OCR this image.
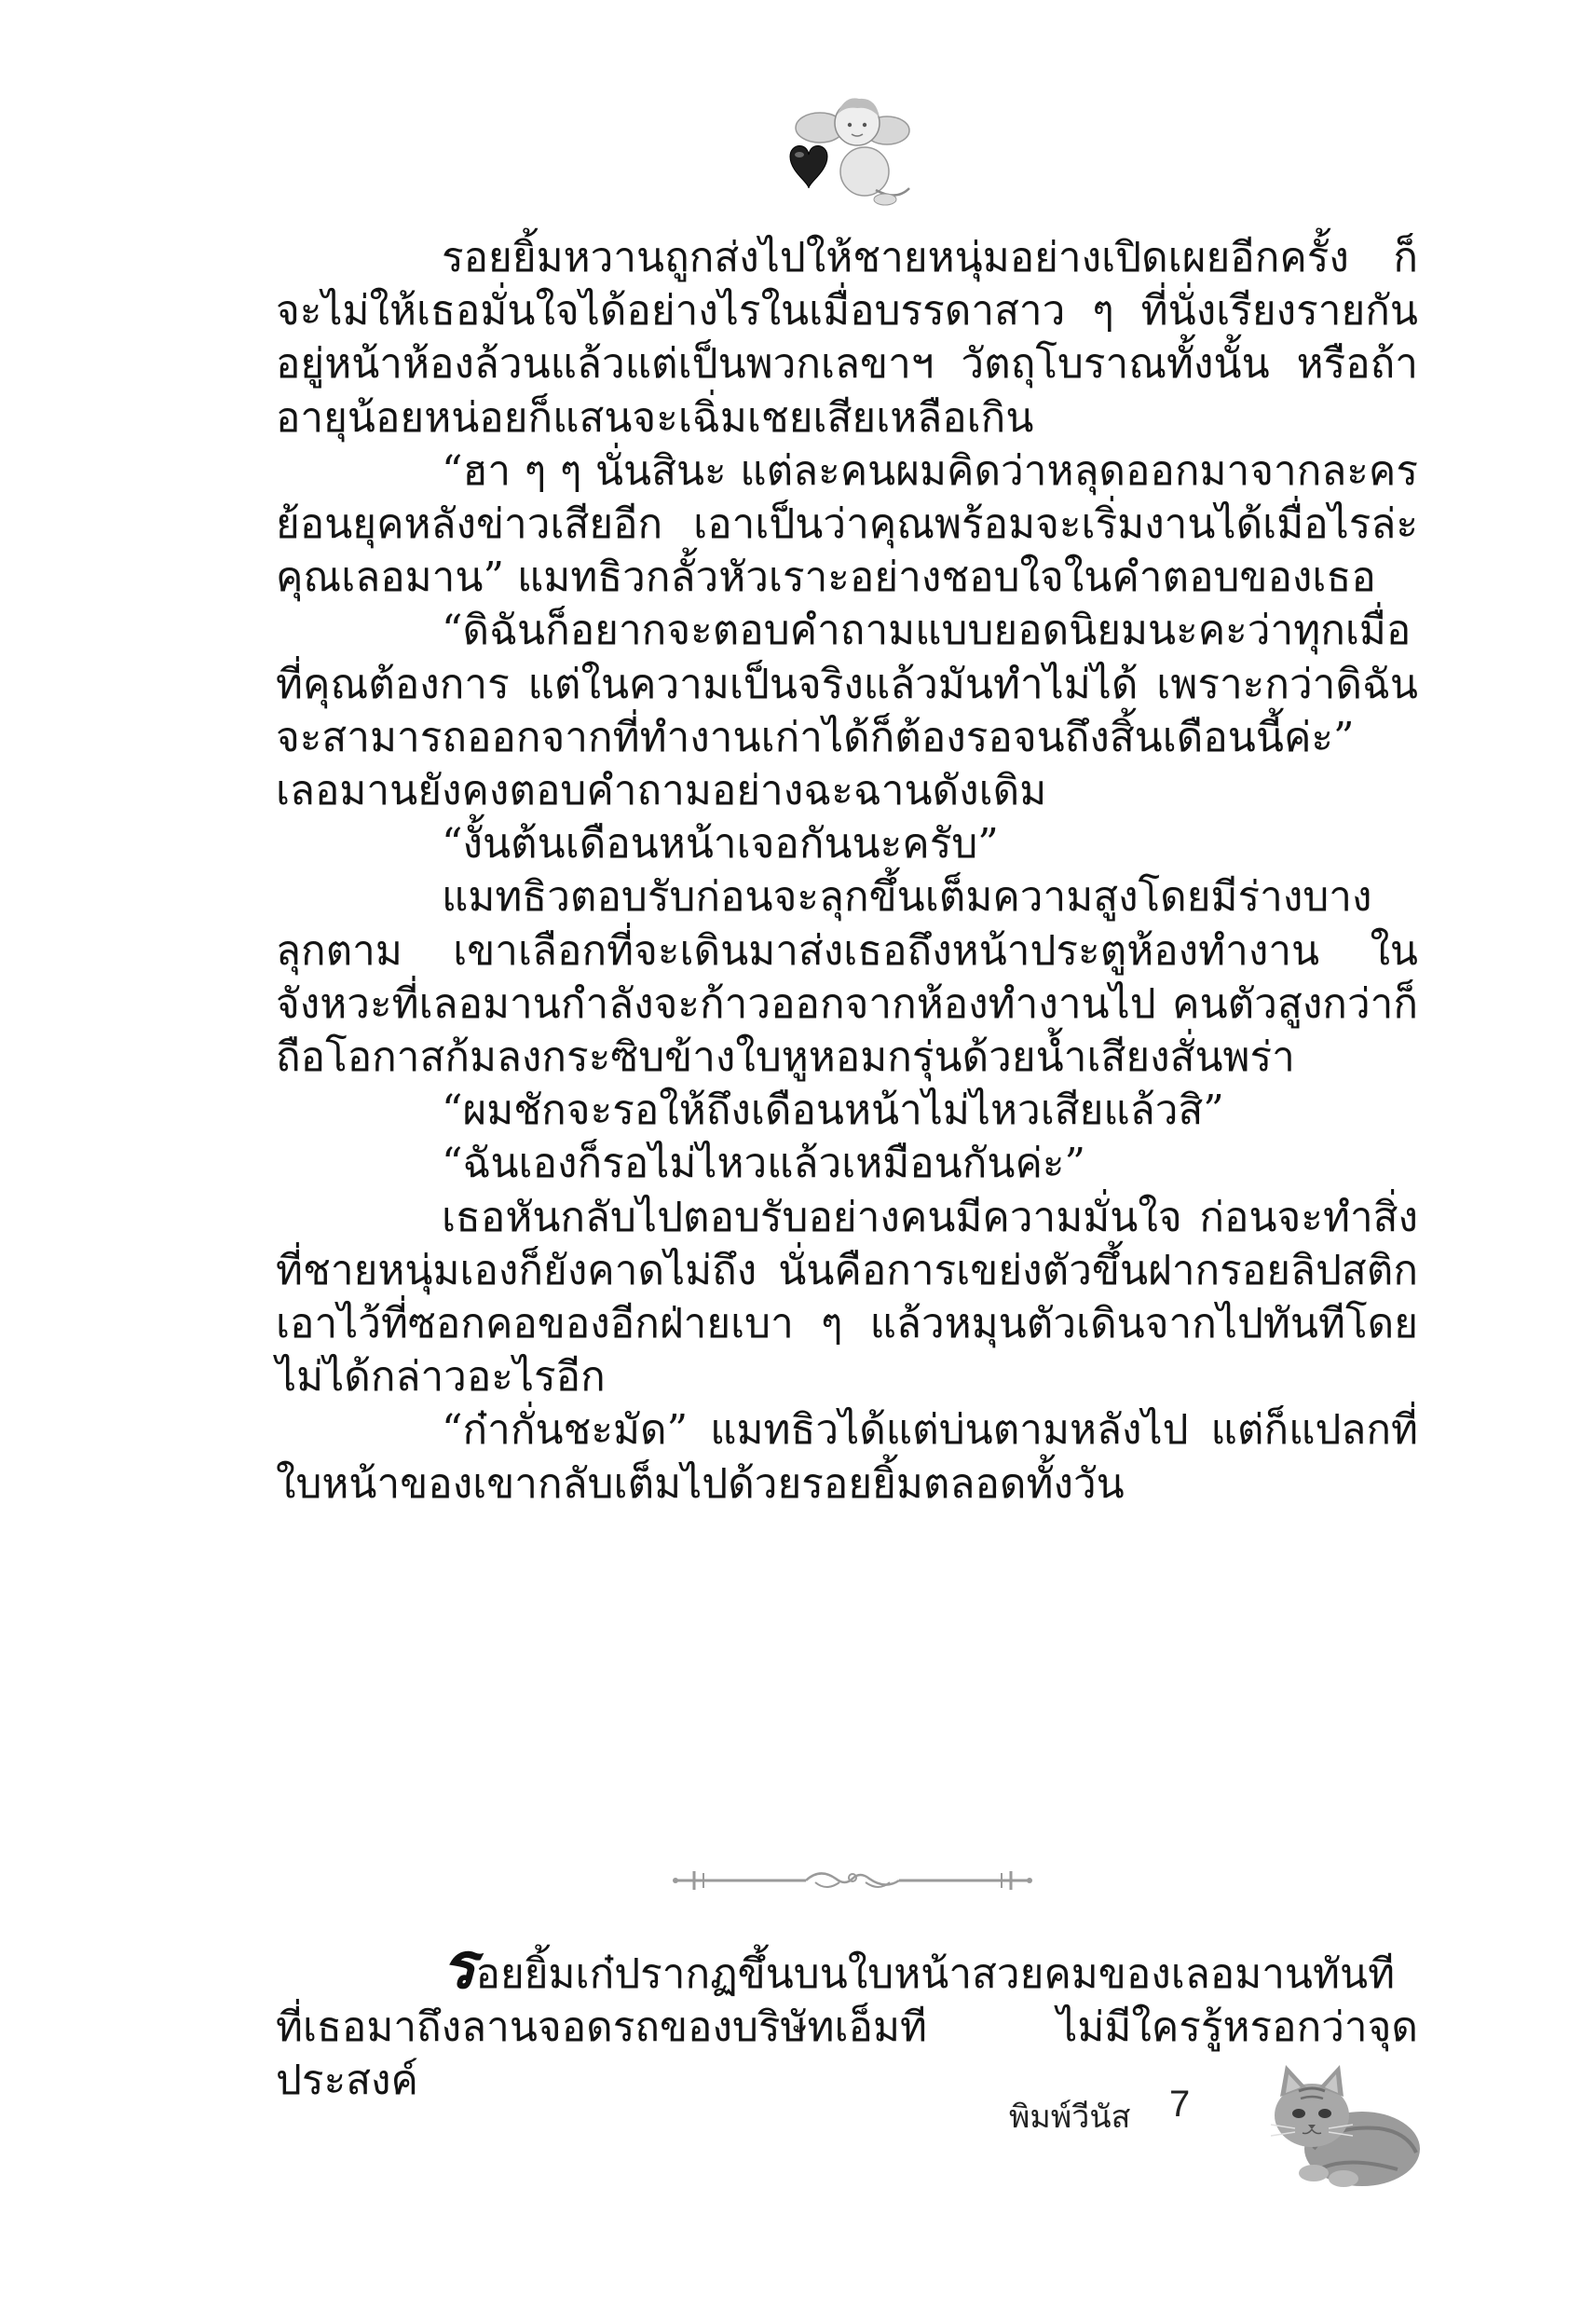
รอยยิ้มหวานถูกส่งไปให้ชายหนุ่มอย่างเปิดเผยอีกครั้ง ก็จะไม่ให้เธอมั่นใจได้อย่างไรในเมื่อบรรดาสาว ๆ ที่นั่งเรียงรายกันอยู่หน้าห้องล้วนแล้วแต่เป็นพวกเลขาฯ วัตถุโบราณทั้งนั้น หรือถ้าอายุน้อยหน่อยก็แสนจะเฉิ่มเชยเสียเหลือเกิน

“ฮา ๆ ๆ นั่นสินะ แต่ละคนผมคิดว่าหลุดออกมาจากละครย้อนยุคหลังข่าวเสียอีก เอาเป็นว่าคุณพร้อมจะเริ่มงานได้เมื่อไรล่ะคุณเลอมาน” แมทธิวกลั้วหัวเราะอย่างชอบใจในคำตอบของเธอ

“ดิฉันก็อยากจะตอบคำถามแบบยอดนิยมนะคะว่าทุกเมื่อที่คุณต้องการ แต่ในความเป็นจริงแล้วมันทำไม่ได้ เพราะกว่าดิฉันจะสามารถออกจากที่ทำงานเก่าได้ก็ต้องรอจนถึงสิ้นเดือนนี้ค่ะ” เลอมานยังคงตอบคำถามอย่างฉะฉานดังเดิม

“งั้นต้นเดือนหน้าเจอกันนะครับ”

แมทธิวตอบรับก่อนจะลุกขึ้นเต็มความสูงโดยมีร่างบางลุกตาม เขาเลือกที่จะเดินมาส่งเธอถึงหน้าประตูห้องทำงาน ในจังหวะที่เลอมานกำลังจะก้าวออกจากห้องทำงานไป คนตัวสูงกว่าก็ถือโอกาสก้มลงกระซิบข้างใบหูหอมกรุ่นด้วยน้ำเสียงสั่นพร่า

“ผมชักจะรอให้ถึงเดือนหน้าไม่ไหวเสียแล้วสิ”

“ฉันเองก็รอไม่ไหวแล้วเหมือนกันค่ะ”

เธอหันกลับไปตอบรับอย่างคนมีความมั่นใจ ก่อนจะทำสิ่งที่ชายหนุ่มเองก็ยังคาดไม่ถึง นั่นคือการเขย่งตัวขึ้นฝากรอยลิปสติกเอาไว้ที่ซอกคอของอีกฝ่ายเบา ๆ แล้วหมุนตัวเดินจากไปทันทีโดยไม่ได้กล่าวอะไรอีก

“ก๋ากั่นชะมัด” แมทธิวได้แต่บ่นตามหลังไป แต่ก็แปลกที่ใบหน้าของเขากลับเต็มไปด้วยรอยยิ้มตลอดทั้งวัน

รอยยิ้มเก๋ปรากฏขึ้นบนใบหน้าสวยคมของเลอมานทันทีที่เธอมาถึงลานจอดรถของบริษัทเอ็มที ไม่มีใครรู้หรอกว่าจุดประสงค์

พิมพ์วีนัส 7
